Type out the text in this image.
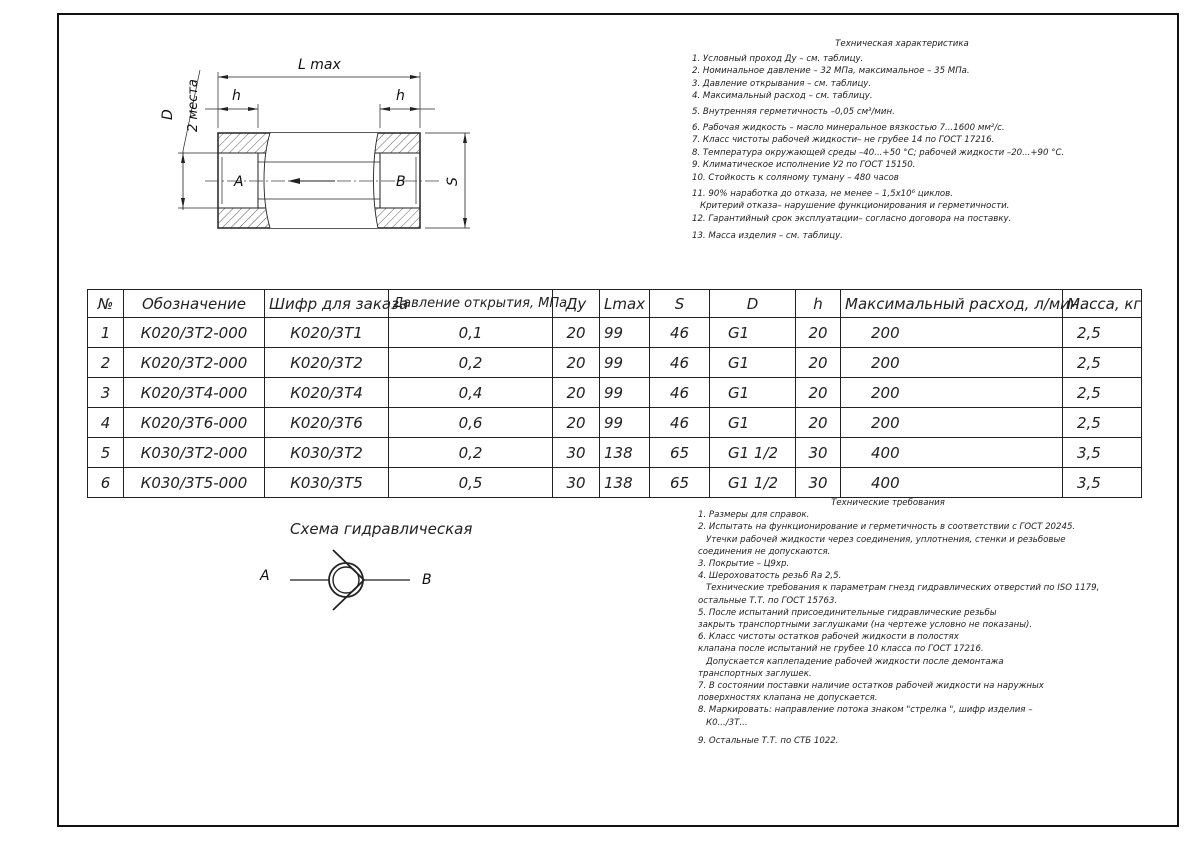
L max
h	h
D 2 места
S
A	B
Техническая характеристика
1. Условный проход Ду – см. таблицу.
2. Номинальное давление – 32 МПа, максимальное – 35 МПа.
3. Давление открывания – см. таблицу.
4. Максимальный расход – см. таблицу.
5. Внутренняя герметичность –0,05 см³/мин.
6. Рабочая жидкость – масло минеральное вязкостью 7...1600 мм²/с.
7. Класс чистоты рабочей жидкости– не грубее 14 по ГОСТ 17216.
8. Температура окружающей среды –40...+50 °С; рабочей жидкости –20...+90 °С.
9. Климатическое исполнение У2 по ГОСТ 15150.
10. Стойкость к соляному туману – 480 часов
11. 90% наработка до отказа, не менее – 1,5x10⁶ циклов.
Критерий отказа– нарушение функционирования и герметичности.
12. Гарантийный срок эксплуатации– согласно договора на поставку.
13. Масса изделия – см. таблицу.
№	Обозначение	Шифр для заказа	Давление открытия, МПа	Ду	Lmax	S	D	h	Максимальный расход, л/мин.	Масса, кг
1	К020/3Т2-000	К020/3Т1	0,1	20	99	46	G1	20	200	2,5
2	К020/3Т2-000	К020/3Т2	0,2	20	99	46	G1	20	200	2,5
3	К020/3Т4-000	К020/3Т4	0,4	20	99	46	G1	20	200	2,5
4	К020/3Т6-000	К020/3Т6	0,6	20	99	46	G1	20	200	2,5
5	К030/3Т2-000	К030/3Т2	0,2	30	138	65	G1 1/2	30	400	3,5
6	К030/3Т5-000	К030/3Т5	0,5	30	138	65	G1 1/2	30	400	3,5
Технические требования
1. Размеры для справок.
2. Испытать на функционирование и герметичность в соответствии с ГОСТ 20245.
Утечки рабочей жидкости через соединения, уплотнения, стенки и резьбовые
соединения не допускаются.
3. Покрытие – Ц9хр.
4. Шероховатость резьб Ra 2,5.
Технические требования к параметрам гнезд гидравлических отверстий по ISO 1179,
остальные Т.Т. по ГОСТ 15763.
5. После испытаний присоединительные гидравлические резьбы
закрыть транспортными заглушками (на чертеже условно не показаны).
6. Класс чистоты остатков рабочей жидкости в полостях
клапана после испытаний не грубее 10 класса по ГОСТ 17216.
Допускается каплепадение рабочей жидкости после демонтажа
транспортных заглушек.
7. В состоянии поставки наличие остатков рабочей жидкости на наружных
поверхностях клапана не допускается.
8. Маркировать: направление потока знаком "стрелка ", шифр изделия –
К0.../3Т...
9. Остальные Т.Т. по СТБ 1022.
Схема гидравлическая
A	B
